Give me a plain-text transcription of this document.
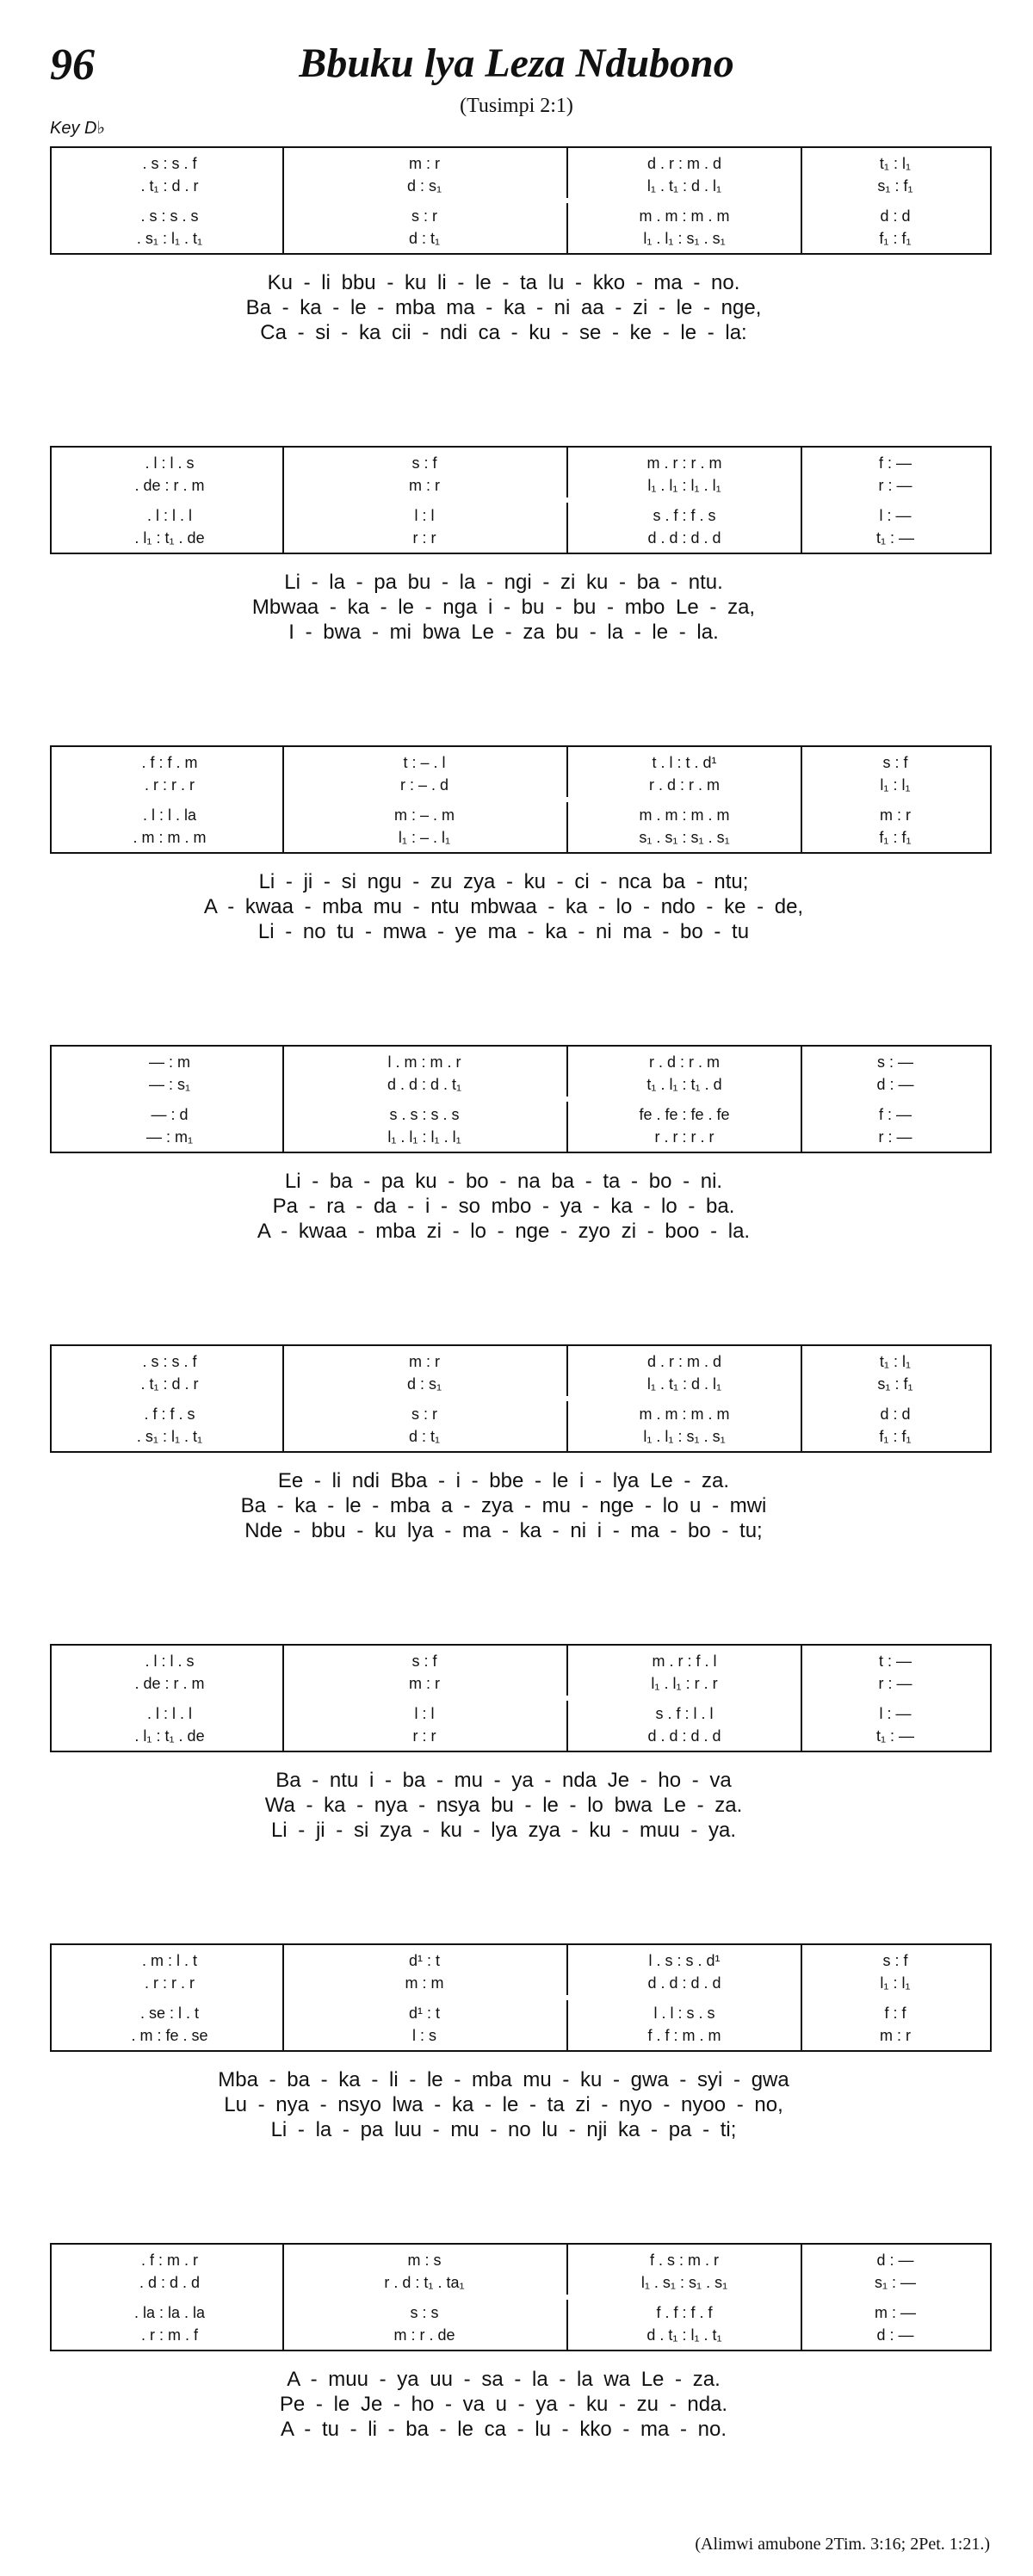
96	Bbuku lya Leza Ndubono
(Tusimpi 2:1)
Key D♭
. s : s . f	m : r	d . r : m . d	t₁ : l₁
. t₁ : d . r	d : s₁	l₁ . t₁ : d . l₁	s₁ : f₁
. s : s . s	s : r	m . m : m . m	d : d
. s₁ : l₁ . t₁	d : t₁	l₁ . l₁ : s₁ . s₁	f₁ : f₁
Ku - li bbu - ku li - le - ta lu - kko - ma - no.
Ba - ka - le - mba ma - ka - ni aa - zi - le - nge,
Ca - si - ka cii - ndi ca - ku - se - ke - le - la:
. l : l . s	s : f	m . r : r . m	f : —
. de : r . m	m : r	l₁ . l₁ : l₁ . l₁	r : —
. l : l . l	l : l	s . f : f . s	l : —
. l₁ : t₁ . de	r : r	d . d : d . d	t₁ : —
Li - la - pa bu - la - ngi - zi ku - ba - ntu.
Mbwaa - ka - le - nga i - bu - bu - mbo Le - za,
I - bwa - mi bwa Le - za bu - la - le - la.
. f : f . m	t : – . l	t . l : t . d¹	s : f
. r : r . r	r : – . d	r . d : r . m	l₁ : l₁
. l : l . la	m : – . m	m . m : m . m	m : r
. m : m . m	l₁ : – . l₁	s₁ . s₁ : s₁ . s₁	f₁ : f₁
Li - ji - si ngu - zu zya - ku - ci - nca ba - ntu;
A - kwaa - mba mu - ntu mbwaa - ka - lo - ndo - ke - de,
Li - no tu - mwa - ye ma - ka - ni ma - bo - tu
— : m	l . m : m . r	r . d : r . m	s : —
— : s₁	d . d : d . t₁	t₁ . l₁ : t₁ . d	d : —
— : d	s . s : s . s	fe . fe : fe . fe	f : —
— : m₁	l₁ . l₁ : l₁ . l₁	r . r : r . r	r : —
Li - ba - pa ku - bo - na ba - ta - bo - ni.
Pa - ra - da - i - so mbo - ya - ka - lo - ba.
A - kwaa - mba zi - lo - nge - zyo zi - boo - la.
. s : s . f	m : r	d . r : m . d	t₁ : l₁
. t₁ : d . r	d : s₁	l₁ . t₁ : d . l₁	s₁ : f₁
. f : f . s	s : r	m . m : m . m	d : d
. s₁ : l₁ . t₁	d : t₁	l₁ . l₁ : s₁ . s₁	f₁ : f₁
Ee - li ndi Bba - i - bbe - le i - lya Le - za.
Ba - ka - le - mba a - zya - mu - nge - lo u - mwi
Nde - bbu - ku lya - ma - ka - ni i - ma - bo - tu;
. l : l . s	s : f	m . r : f . l	t : —
. de : r . m	m : r	l₁ . l₁ : r . r	r : —
. l : l . l	l : l	s . f : l . l	l : —
. l₁ : t₁ . de	r : r	d . d : d . d	t₁ : —
Ba - ntu i - ba - mu - ya - nda Je - ho - va
Wa - ka - nya - nsya bu - le - lo bwa Le - za.
Li - ji - si zya - ku - lya zya - ku - muu - ya.
. m : l . t	d¹ : t	l . s : s . d¹	s : f
. r : r . r	m : m	d . d : d . d	l₁ : l₁
. se : l . t	d¹ : t	l . l : s . s	f : f
. m : fe . se	l : s	f . f : m . m	m : r
Mba - ba - ka - li - le - mba mu - ku - gwa - syi - gwa
Lu - nya - nsyo lwa - ka - le - ta zi - nyo - nyoo - no,
Li - la - pa luu - mu - no lu - nji ka - pa - ti;
. f : m . r	m : s	f . s : m . r	d : —
. d : d . d	r . d : t₁ . ta₁	l₁ . s₁ : s₁ . s₁	s₁ : —
. la : la . la	s : s	f . f : f . f	m : —
. r : m . f	m : r . de	d . t₁ : l₁ . t₁	d : —
A - muu - ya uu - sa - la - la wa Le - za.
Pe - le Je - ho - va u - ya - ku - zu - nda.
A - tu - li - ba - le ca - lu - kko - ma - no.
(Alimwi amubone 2Tim. 3:16; 2Pet. 1:21.)
